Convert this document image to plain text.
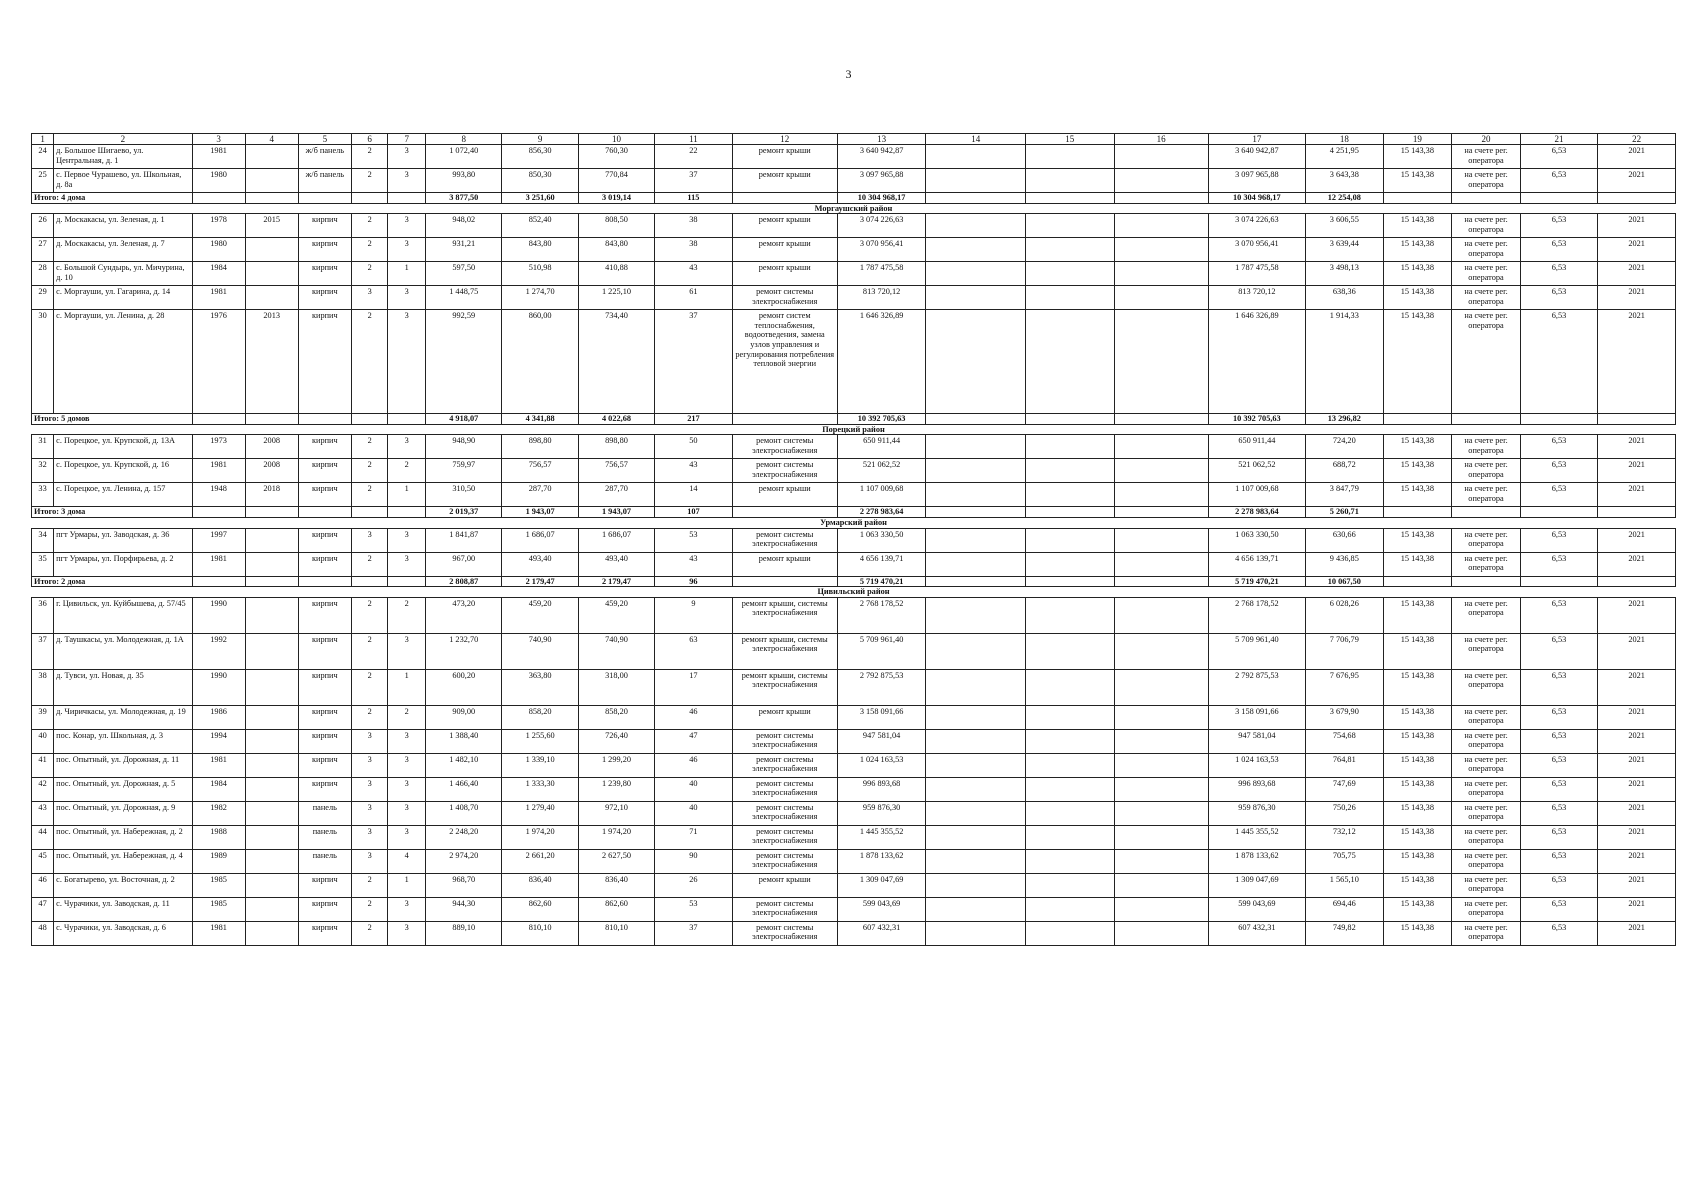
3
1	2	3	4	5	6	7	8	9	10	11	12	13	14	15	16	17	18	19	20	21	22
24	д. Большое Шигаево, ул. Центральная, д. 1	1981		ж/б панель	2	3	1 072,40	856,30	760,30	22	ремонт крыши	3 640 942,87				3 640 942,87	4 251,95	15 143,38	на счете рег. оператора	6,53	2021
25	с. Первое Чурашево, ул. Школьная, д. 8а	1980		ж/б панель	2	3	993,80	850,30	770,84	37	ремонт крыши	3 097 965,88				3 097 965,88	3 643,38	15 143,38	на счете рег. оператора	6,53	2021
Итого: 4 дома							3 877,50	3 251,60	3 019,14	115		10 304 968,17				10 304 968,17	12 254,08				
Моргаушский район																					
26	д. Москакасы, ул. Зеленая, д. 1	1978	2015	кирпич	2	3	948,02	852,40	808,50	38	ремонт крыши	3 074 226,63				3 074 226,63	3 606,55	15 143,38	на счете рег. оператора	6,53	2021
27	д. Москакасы, ул. Зеленая, д. 7	1980		кирпич	2	3	931,21	843,80	843,80	38	ремонт крыши	3 070 956,41				3 070 956,41	3 639,44	15 143,38	на счете рег. оператора	6,53	2021
28	с. Большой Сундырь, ул. Мичурина, д. 10	1984		кирпич	2	1	597,50	510,98	410,88	43	ремонт крыши	1 787 475,58				1 787 475,58	3 498,13	15 143,38	на счете рег. оператора	6,53	2021
29	с. Моргауши, ул. Гагарина, д. 14	1981		кирпич	3	3	1 448,75	1 274,70	1 225,10	61	ремонт системы электроснабжения	813 720,12				813 720,12	638,36	15 143,38	на счете рег. оператора	6,53	2021
30	с. Моргауши, ул. Ленина, д. 28	1976	2013	кирпич	2	3	992,59	860,00	734,40	37	ремонт систем теплоснабжения, водоотведения, замена узлов управления и регулирования потребления тепловой энергии	1 646 326,89				1 646 326,89	1 914,33	15 143,38	на счете рег. оператора	6,53	2021
Итого: 5 домов							4 918,07	4 341,88	4 022,68	217		10 392 705,63				10 392 705,63	13 296,82				
Порецкий район																					
31	с. Порецкое, ул. Крупской, д. 13А	1973	2008	кирпич	2	3	948,90	898,80	898,80	50	ремонт системы электроснабжения	650 911,44				650 911,44	724,20	15 143,38	на счете рег. оператора	6,53	2021
32	с. Порецкое, ул. Крупской, д. 16	1981	2008	кирпич	2	2	759,97	756,57	756,57	43	ремонт системы электроснабжения	521 062,52				521 062,52	688,72	15 143,38	на счете рег. оператора	6,53	2021
33	с. Порецкое, ул. Ленина, д. 157	1948	2018	кирпич	2	1	310,50	287,70	287,70	14	ремонт крыши	1 107 009,68				1 107 009,68	3 847,79	15 143,38	на счете рег. оператора	6,53	2021
Итого: 3 дома							2 019,37	1 943,07	1 943,07	107		2 278 983,64				2 278 983,64	5 260,71				
Урмарский район																					
34	пгт Урмары, ул. Заводская, д. 36	1997		кирпич	3	3	1 841,87	1 686,07	1 686,07	53	ремонт системы электроснабжения	1 063 330,50				1 063 330,50	630,66	15 143,38	на счете рег. оператора	6,53	2021
35	пгт Урмары, ул. Порфирьева, д. 2	1981		кирпич	2	3	967,00	493,40	493,40	43	ремонт крыши	4 656 139,71				4 656 139,71	9 436,85	15 143,38	на счете рег. оператора	6,53	2021
Итого: 2 дома							2 808,87	2 179,47	2 179,47	96		5 719 470,21				5 719 470,21	10 067,50				
Цивильский район																					
36	г. Цивильск, ул. Куйбышева, д. 57/45	1990		кирпич	2	2	473,20	459,20	459,20	9	ремонт крыши, системы электроснабжения	2 768 178,52				2 768 178,52	6 028,26	15 143,38	на счете рег. оператора	6,53	2021
37	д. Таушкасы, ул. Молодежная, д. 1А	1992		кирпич	2	3	1 232,70	740,90	740,90	63	ремонт крыши, системы электроснабжения	5 709 961,40				5 709 961,40	7 706,79	15 143,38	на счете рег. оператора	6,53	2021
38	д. Тувси, ул. Новая, д. 35	1990		кирпич	2	1	600,20	363,80	318,00	17	ремонт крыши, системы электроснабжения	2 792 875,53				2 792 875,53	7 676,95	15 143,38	на счете рег. оператора	6,53	2021
39	д. Чиричкасы, ул. Молодежная, д. 19	1986		кирпич	2	2	909,00	858,20	858,20	46	ремонт крыши	3 158 091,66				3 158 091,66	3 679,90	15 143,38	на счете рег. оператора	6,53	2021
40	пос. Конар, ул. Школьная, д. 3	1994		кирпич	3	3	1 388,40	1 255,60	726,40	47	ремонт системы электроснабжения	947 581,04				947 581,04	754,68	15 143,38	на счете рег. оператора	6,53	2021
41	пос. Опытный, ул. Дорожная, д. 11	1981		кирпич	3	3	1 482,10	1 339,10	1 299,20	46	ремонт системы электроснабжения	1 024 163,53				1 024 163,53	764,81	15 143,38	на счете рег. оператора	6,53	2021
42	пос. Опытный, ул. Дорожная, д. 5	1984		кирпич	3	3	1 466,40	1 333,30	1 239,80	40	ремонт системы электроснабжения	996 893,68				996 893,68	747,69	15 143,38	на счете рег. оператора	6,53	2021
43	пос. Опытный, ул. Дорожная, д. 9	1982		панель	3	3	1 408,70	1 279,40	972,10	40	ремонт системы электроснабжения	959 876,30				959 876,30	750,26	15 143,38	на счете рег. оператора	6,53	2021
44	пос. Опытный, ул. Набережная, д. 2	1988		панель	3	3	2 248,20	1 974,20	1 974,20	71	ремонт системы электроснабжения	1 445 355,52				1 445 355,52	732,12	15 143,38	на счете рег. оператора	6,53	2021
45	пос. Опытный, ул. Набережная, д. 4	1989		панель	3	4	2 974,20	2 661,20	2 627,50	90	ремонт системы электроснабжения	1 878 133,62				1 878 133,62	705,75	15 143,38	на счете рег. оператора	6,53	2021
46	с. Богатырево, ул. Восточная, д. 2	1985		кирпич	2	1	968,70	836,40	836,40	26	ремонт крыши	1 309 047,69				1 309 047,69	1 565,10	15 143,38	на счете рег. оператора	6,53	2021
47	с. Чурачики, ул. Заводская, д. 11	1985		кирпич	2	3	944,30	862,60	862,60	53	ремонт системы электроснабжения	599 043,69				599 043,69	694,46	15 143,38	на счете рег. оператора	6,53	2021
48	с. Чурачики, ул. Заводская, д. 6	1981		кирпич	2	3	889,10	810,10	810,10	37	ремонт системы электроснабжения	607 432,31				607 432,31	749,82	15 143,38	на счете рег. оператора	6,53	2021
